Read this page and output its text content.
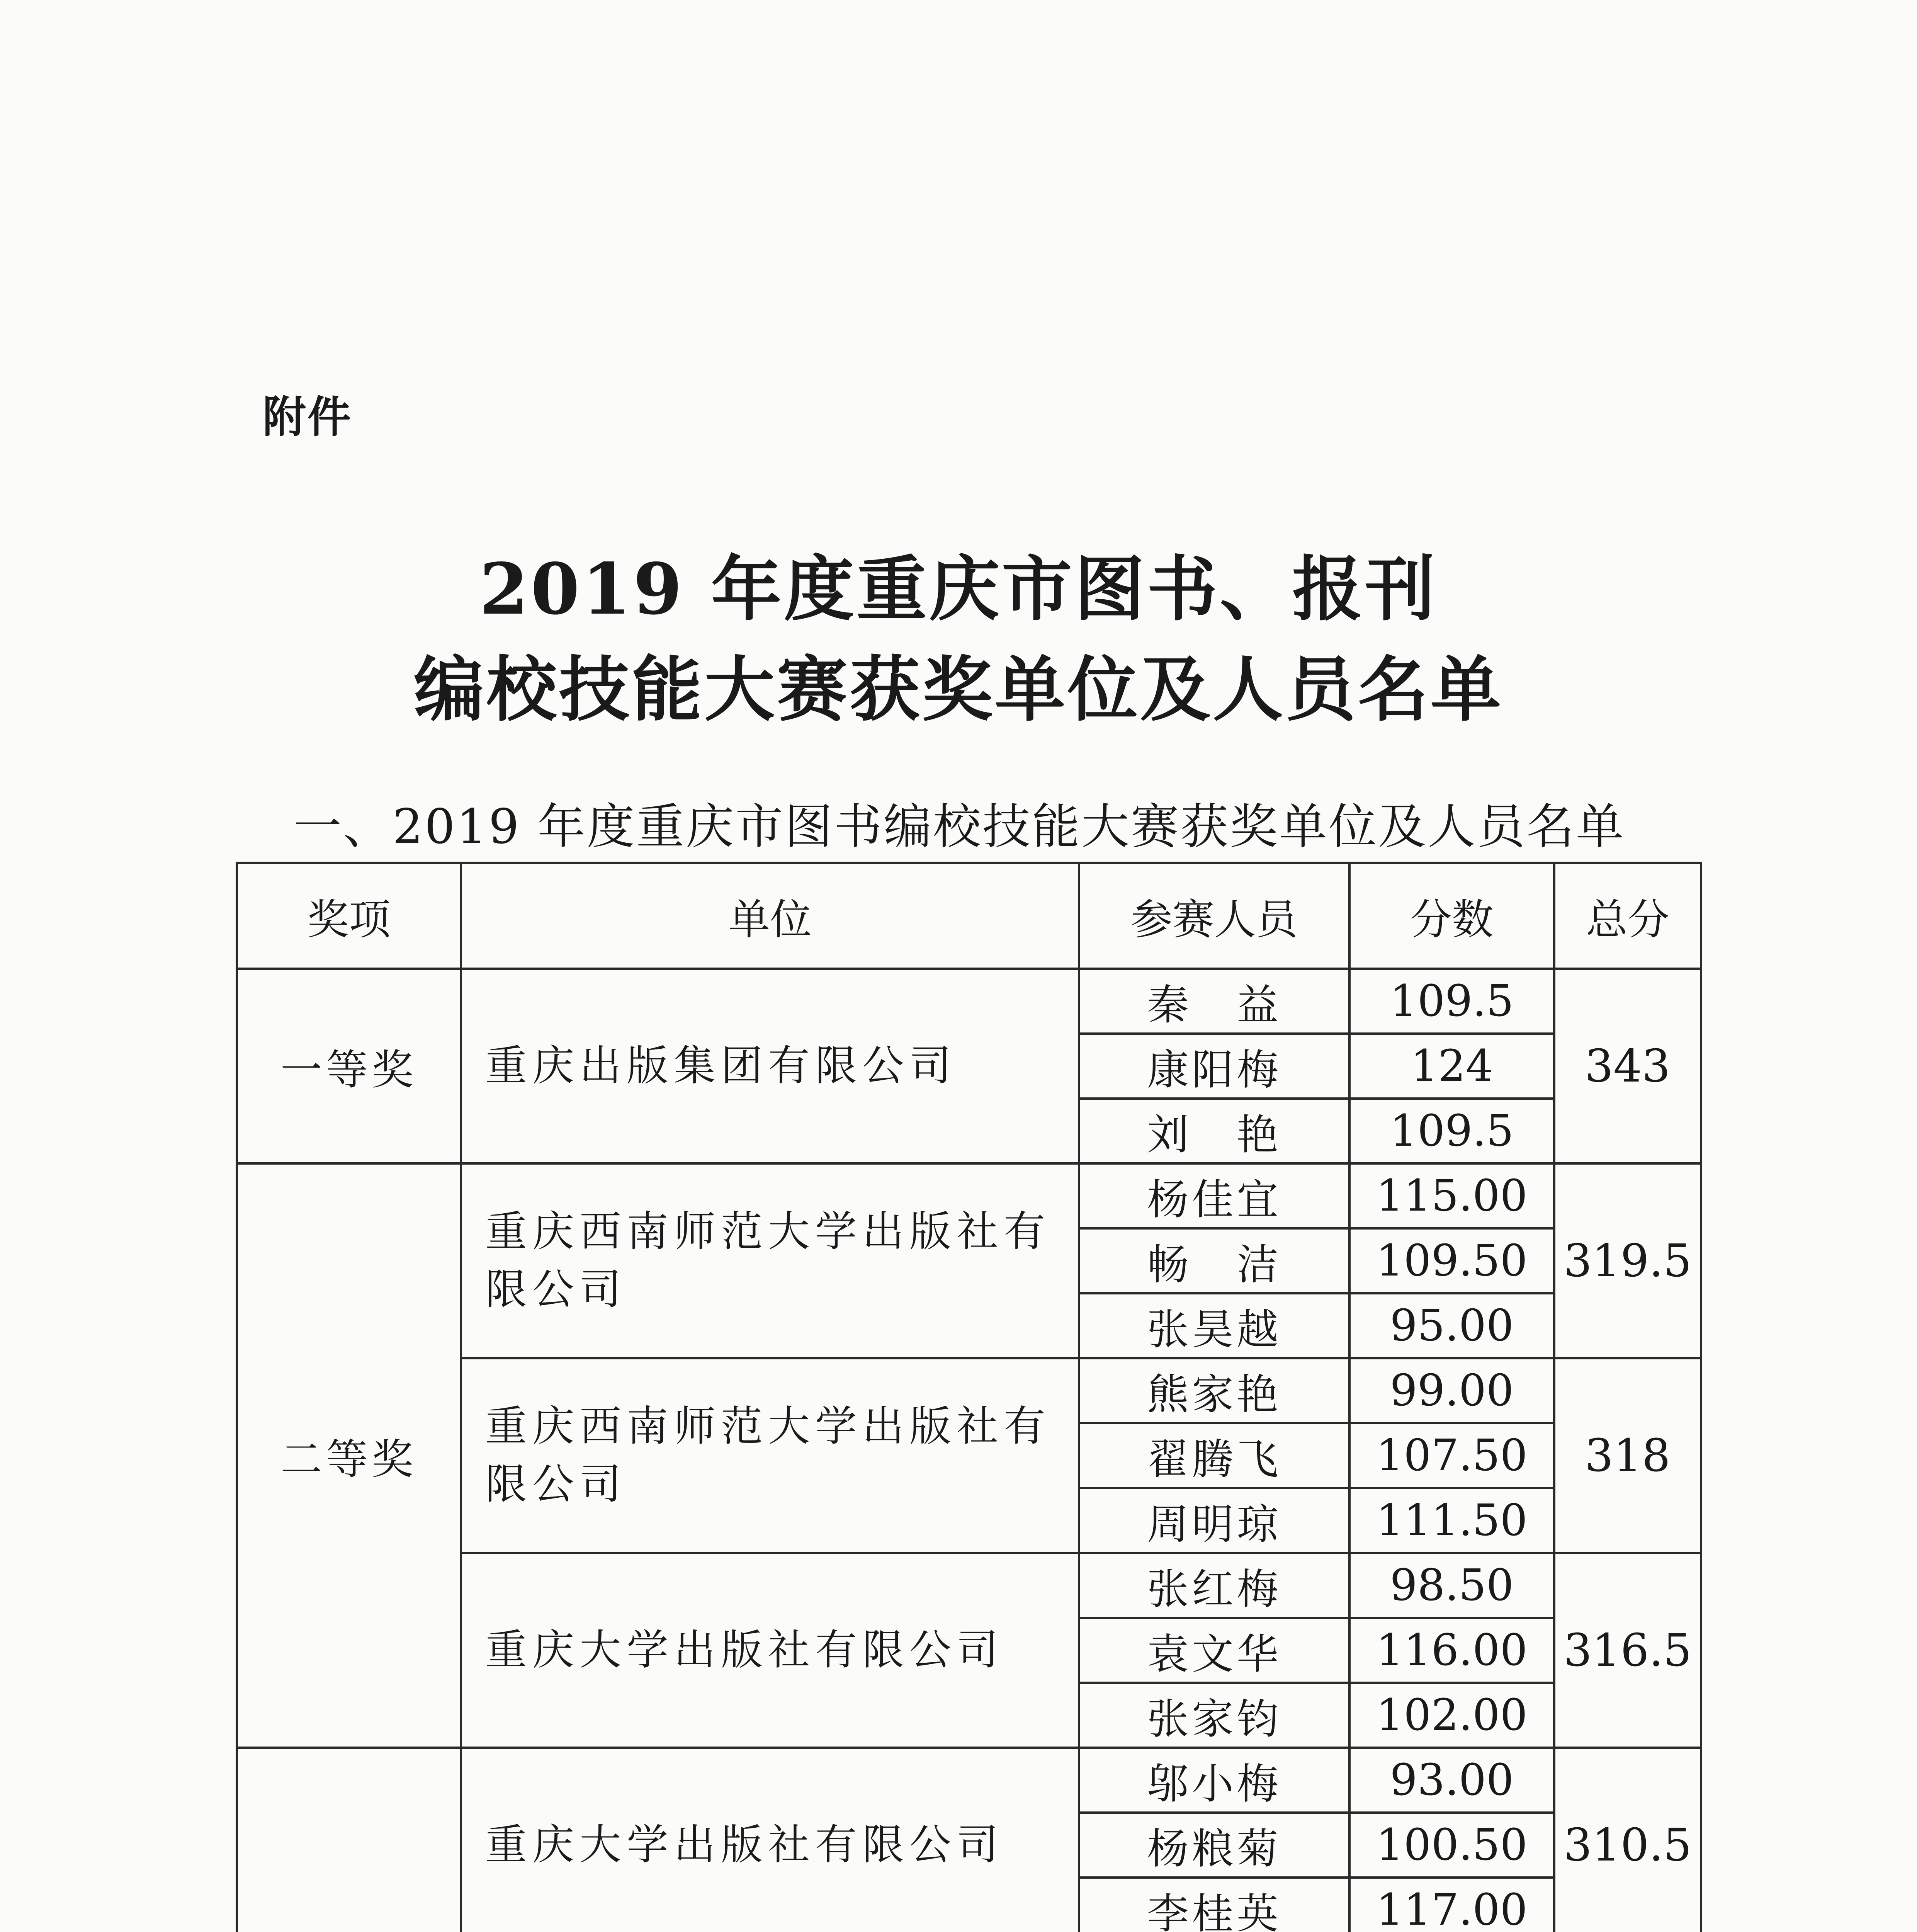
附件
2019 年度重庆市图书、报刊
编校技能大赛获奖单位及人员名单
一、2019 年度重庆市图书编校技能大赛获奖单位及人员名单
奖项	单位	参赛人员	分数	总分
一等奖	重庆出版集团有限公司	秦　益	109.5	343
		康阳梅	124	
		刘　艳	109.5	
二等奖	重庆西南师范大学出版社有限公司	杨佳宜	115.00	319.5
		畅　洁	109.50	
		张昊越	95.00	
	重庆西南师范大学出版社有限公司	熊家艳	99.00	318
		翟腾飞	107.50	
		周明琼	111.50	
	重庆大学出版社有限公司	张红梅	98.50	316.5
		袁文华	116.00	
		张家钧	102.00	
	重庆大学出版社有限公司	邬小梅	93.00	310.5
		杨粮菊	100.50	
		李桂英	117.00	
